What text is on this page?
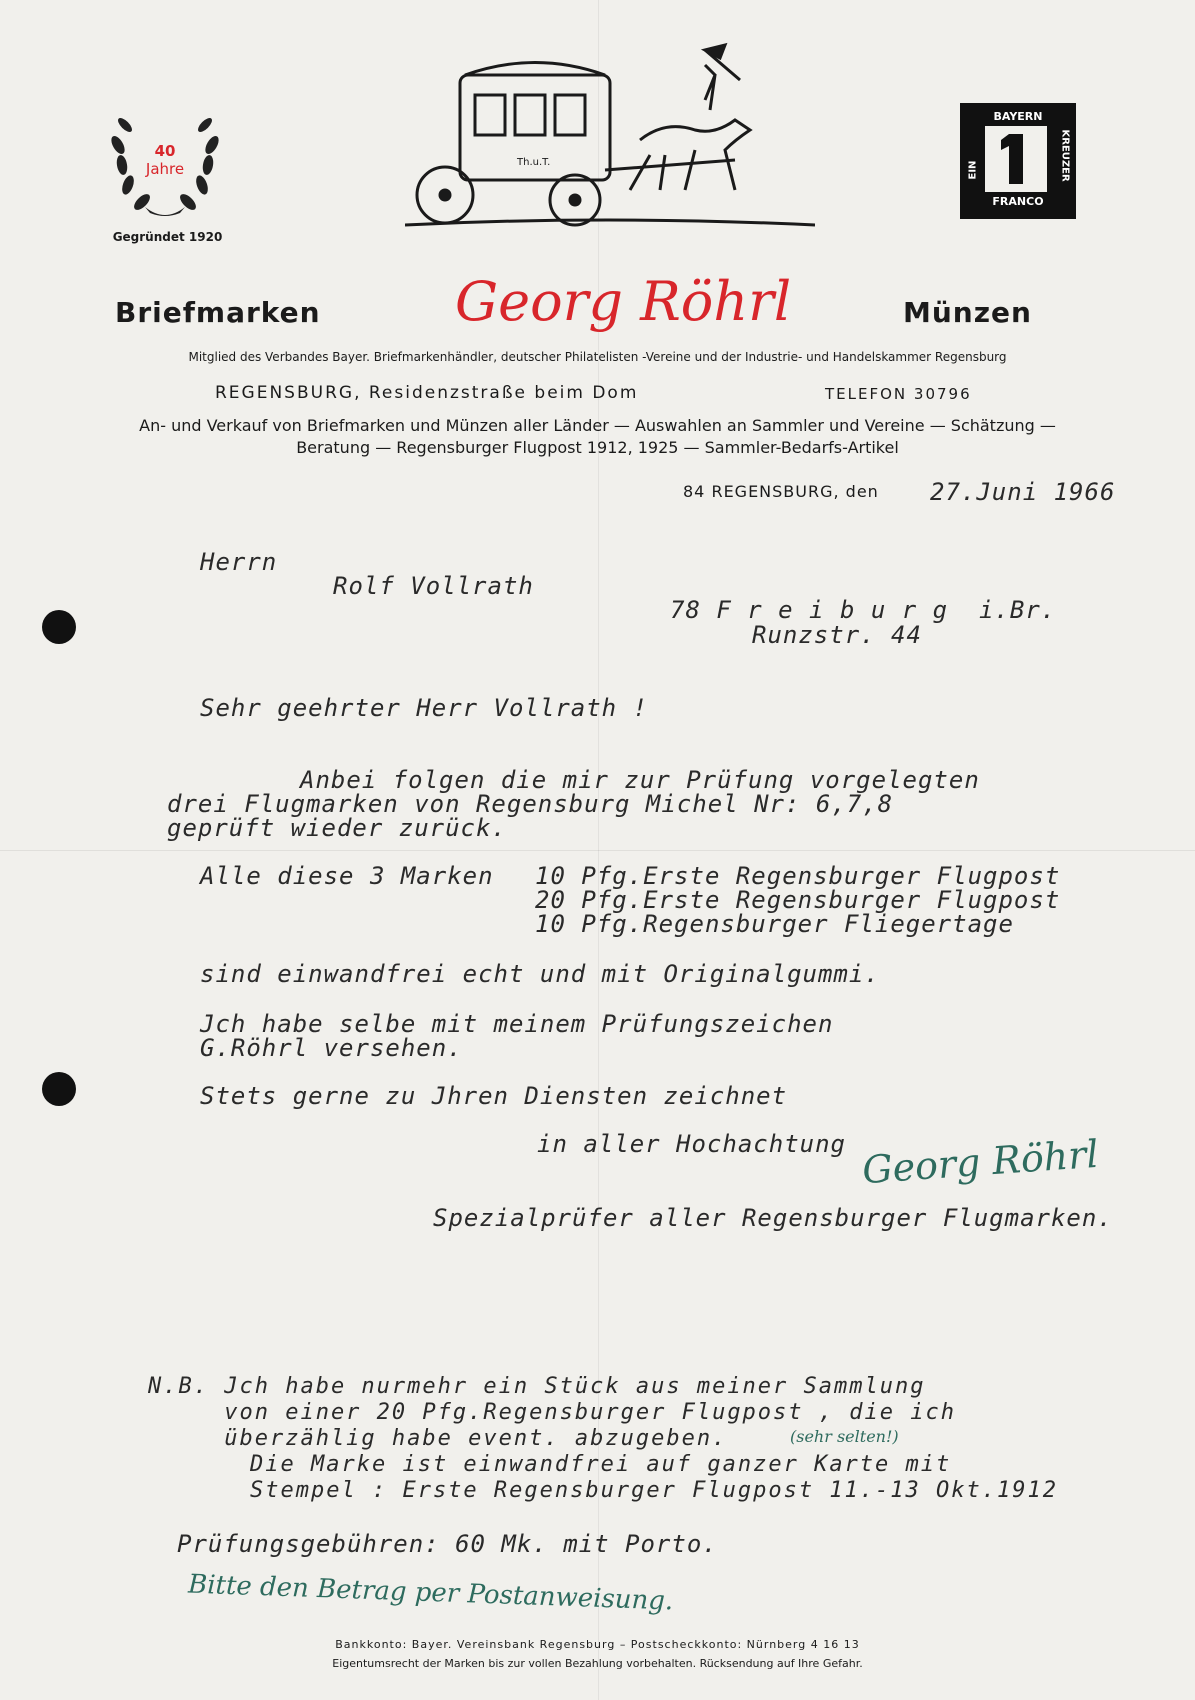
40
Jahre
Gegründet 1920
Th.u.T.
BAYERN
FRANCO
EIN	KREUZER
Briefmarken Georg Röhrl	Münzen
Mitglied des Verbandes Bayer. Briefmarkenhändler, deutscher Philatelisten -Vereine und der Industrie- und Handelskammer Regensburg
REGENSBURG, Residenzstraße beim Dom	TELEFON 30796
An- und Verkauf von Briefmarken und Münzen aller Länder — Auswahlen an Sammler und Vereine — Schätzung —
Beratung — Regensburger Flugpost 1912, 1925 — Sammler-Bedarfs-Artikel
84 REGENSBURG, den 27.Juni 1966
Herrn
Rolf Vollrath
78 F r e i b u r g  i.Br.
Runzstr. 44
Sehr geehrter Herr Vollrath !
Anbei folgen die mir zur Prüfung vorgelegten
drei Flugmarken von Regensburg Michel Nr: 6,7,8
geprüft wieder zurück.
Alle diese 3 Marken 10 Pfg.Erste Regensburger Flugpost
20 Pfg.Erste Regensburger Flugpost
10 Pfg.Regensburger Fliegertage
sind einwandfrei echt und mit Originalgummi.
Jch habe selbe mit meinem Prüfungszeichen
G.Röhrl versehen.
Stets gerne zu Jhren Diensten zeichnet
in aller Hochachtung Georg Röhrl
Spezialprüfer aller Regensburger Flugmarken.
N.B. Jch habe nurmehr ein Stück aus meiner Sammlung
von einer 20 Pfg.Regensburger Flugpost , die ich
überzählig habe event. abzugeben.	(sehr selten!)
Die Marke ist einwandfrei auf ganzer Karte mit
Stempel : Erste Regensburger Flugpost 11.-13 Okt.1912
Prüfungsgebühren: 60 Mk. mit Porto.
Bitte den Betrag per Postanweisung.
Bankkonto: Bayer. Vereinsbank Regensburg – Postscheckkonto: Nürnberg 4 16 13
Eigentumsrecht der Marken bis zur vollen Bezahlung vorbehalten. Rücksendung auf Ihre Gefahr.
